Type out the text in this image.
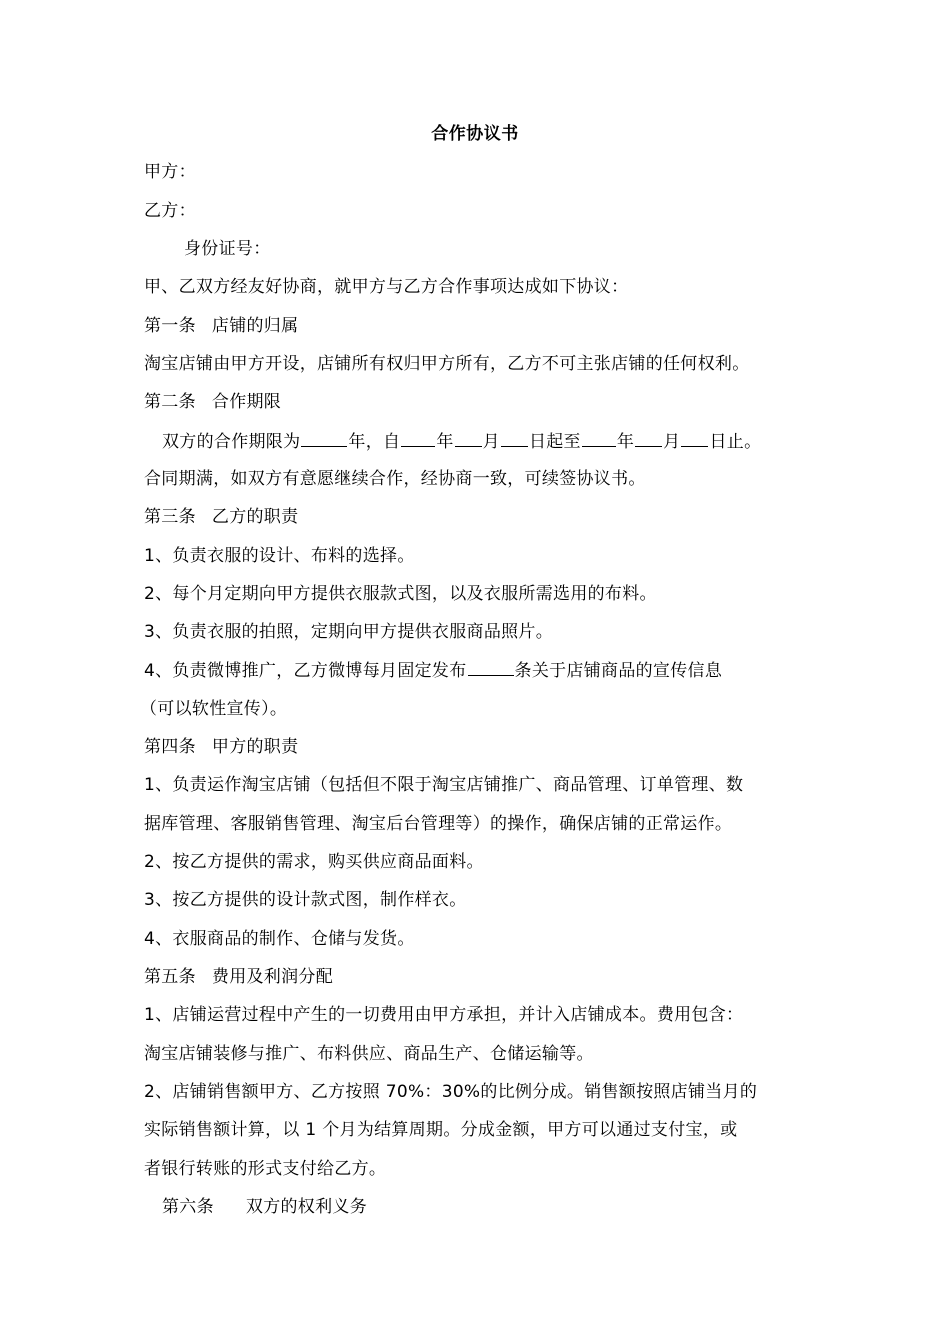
合作协议书
甲方：
乙方：
身份证号：
甲、乙双方经友好协商，就甲方与乙方合作事项达成如下协议：
第一条 店铺的归属
淘宝店铺由甲方开设，店铺所有权归甲方所有，乙方不可主张店铺的任何权利。
第二条 合作期限
双方的合作期限为	年，自 年 月 日起至 年 月 日止。
合同期满，如双方有意愿继续合作，经协商一致，可续签协议书。
第三条 乙方的职责
1、负责衣服的设计、布料的选择。
2、每个月定期向甲方提供衣服款式图，以及衣服所需选用的布料。
3、负责衣服的拍照，定期向甲方提供衣服商品照片。
4、负责微博推广，乙方微博每月固定发布	条关于店铺商品的宣传信息
（可以软性宣传）。
第四条 甲方的职责
1、负责运作淘宝店铺（包括但不限于淘宝店铺推广、商品管理、订单管理、数
据库管理、客服销售管理、淘宝后台管理等）的操作，确保店铺的正常运作。
2、按乙方提供的需求，购买供应商品面料。
3、按乙方提供的设计款式图，制作样衣。
4、衣服商品的制作、仓储与发货。
第五条 费用及利润分配
1、店铺运营过程中产生的一切费用由甲方承担，并计入店铺成本。费用包含：
淘宝店铺装修与推广、布料供应、商品生产、仓储运输等。
2、店铺销售额甲方、乙方按照 70%：30%的比例分成。销售额按照店铺当月的
实际销售额计算，以 1 个月为结算周期。分成金额，甲方可以通过支付宝，或
者银行转账的形式支付给乙方。
第六条 双方的权利义务
